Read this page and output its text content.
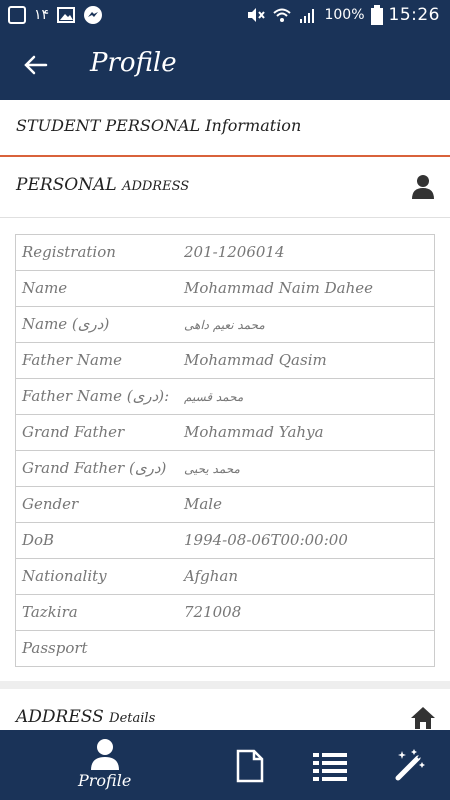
۱۴	100% 15:26
Profile
STUDENT PERSONAL Information
PERSONAL ADDRESS
Registration	201-1206014
Name	Mohammad Naim Dahee
Name (دری)	محمد نعیم داهی
Father Name	Mohammad Qasim
Father Name (دری): محمد قسیم
Grand Father	Mohammad Yahya
Grand Father (دری) محمد یحیی
Gender	Male
DoB	1994-08-06T00:00:00
Nationality	Afghan
Tazkira	721008
Passport
ADDRESS Details
Profile
